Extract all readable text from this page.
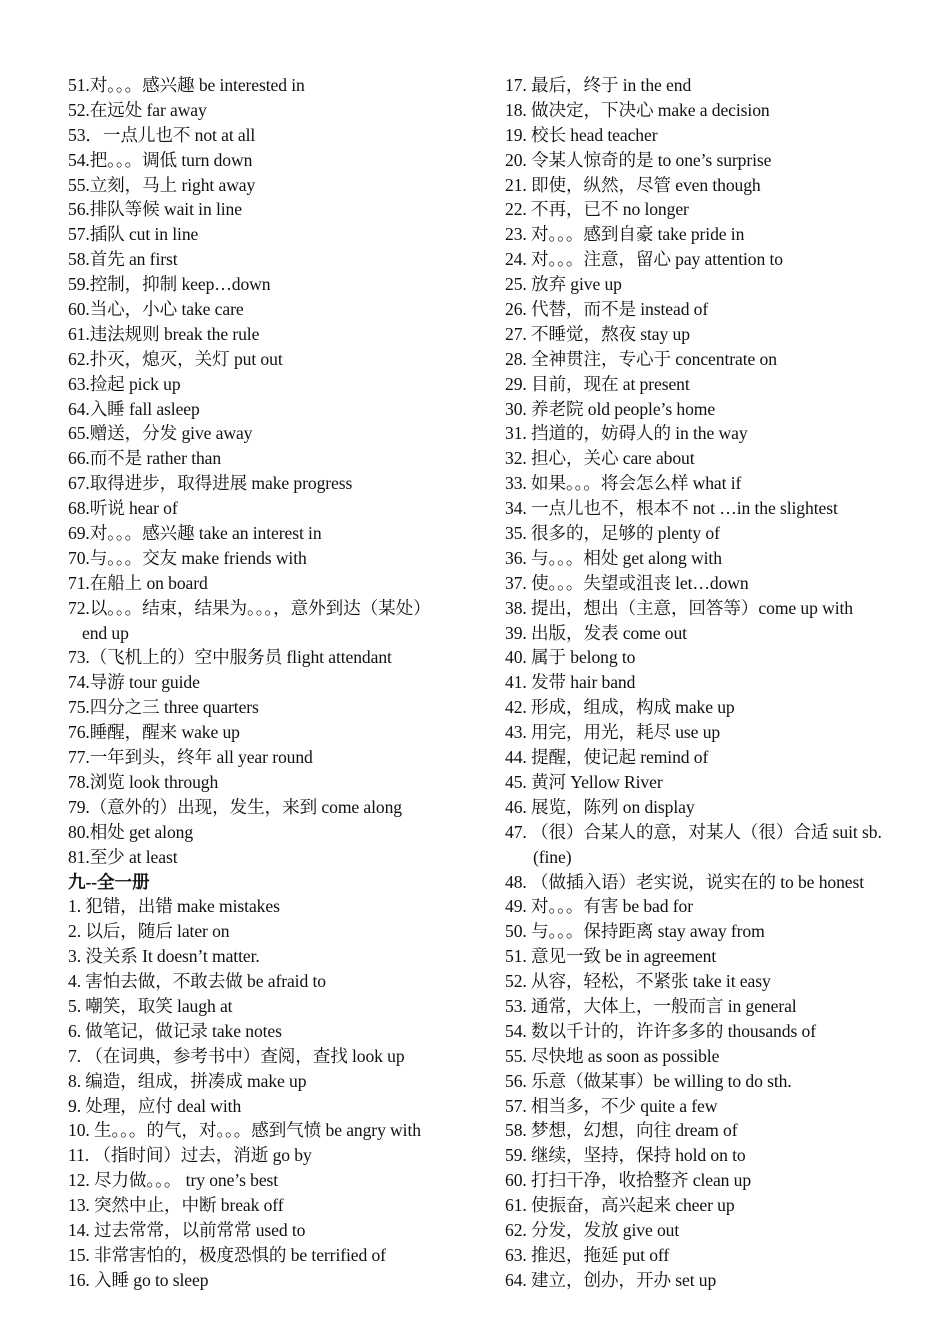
51.对。。。感兴趣 be interested in
52.在远处 far away
53．一点儿也不 not at all
54.把。。。调低 turn down
55.立刻，马上 right away
56.排队等候 wait in line
57.插队 cut in line
58.首先 an first
59.控制，抑制 keep…down
60.当心，小心 take care
61.违法规则 break the rule
62.扑灭，熄灭，关灯 put out
63.捡起 pick up
64.入睡 fall asleep
65.赠送，分发 give away
66.而不是 rather than
67.取得进步，取得进展 make progress
68.听说 hear of
69.对。。。感兴趣 take an interest in
70.与。。。交友 make friends with
71.在船上 on board
72.以。。。结束，结果为。。。，意外到达（某处）
end up
73.（飞机上的）空中服务员 flight attendant
74.导游 tour guide
75.四分之三 three quarters
76.睡醒，醒来 wake up
77.一年到头，终年 all year round
78.浏览 look through
79.（意外的）出现，发生，来到 come along
80.相处 get along
81.至少 at least
九--全一册
1. 犯错，出错 make mistakes
2. 以后，随后 later on
3. 没关系 It doesn’t matter.
4. 害怕去做，不敢去做 be afraid to
5. 嘲笑，取笑 laugh at
6. 做笔记，做记录 take notes
7. （在词典，参考书中）查阅，查找 look up
8. 编造，组成，拼凑成 make up
9. 处理，应付 deal with
10. 生。。。的气，对。。。感到气愤 be angry with
11. （指时间）过去，消逝 go by
12. 尽力做。。。 try one’s best
13. 突然中止，中断 break off
14. 过去常常，以前常常 used to
15. 非常害怕的，极度恐惧的 be terrified of
16. 入睡 go to sleep
17. 最后，终于 in the end
18. 做决定，下决心 make a decision
19. 校长 head teacher
20. 令某人惊奇的是 to one’s surprise
21. 即使，纵然，尽管 even though
22. 不再，已不 no longer
23. 对。。。感到自豪 take pride in
24. 对。。。注意，留心 pay attention to
25. 放弃 give up
26. 代替，而不是 instead of
27. 不睡觉，熬夜 stay up
28. 全神贯注，专心于 concentrate on
29. 目前，现在 at present
30. 养老院 old people’s home
31. 挡道的，妨碍人的 in the way
32. 担心，关心 care about
33. 如果。。。将会怎么样 what if
34. 一点儿也不，根本不 not …in the slightest
35. 很多的，足够的 plenty of
36. 与。。。相处 get along with
37. 使。。。失望或沮丧 let…down
38. 提出，想出（主意，回答等）come up with
39. 出版，发表 come out
40. 属于 belong to
41. 发带 hair band
42. 形成，组成，构成 make up
43. 用完，用光，耗尽 use up
44. 提醒，使记起 remind of
45. 黄河 Yellow River
46. 展览，陈列 on display
47. （很）合某人的意，对某人（很）合适 suit sb.
(fine)
48. （做插入语）老实说，说实在的 to be honest
49. 对。。。有害 be bad for
50. 与。。。保持距离 stay away from
51. 意见一致 be in agreement
52. 从容，轻松，不紧张 take it easy
53. 通常，大体上，一般而言 in general
54. 数以千计的，许许多多的 thousands of
55. 尽快地 as soon as possible
56. 乐意（做某事）be willing to do sth.
57. 相当多，不少 quite a few
58. 梦想，幻想，向往 dream of
59. 继续，坚持，保持 hold on to
60. 打扫干净，收拾整齐 clean up
61. 使振奋，高兴起来 cheer up
62. 分发，发放 give out
63. 推迟，拖延 put off
64. 建立，创办，开办 set up
